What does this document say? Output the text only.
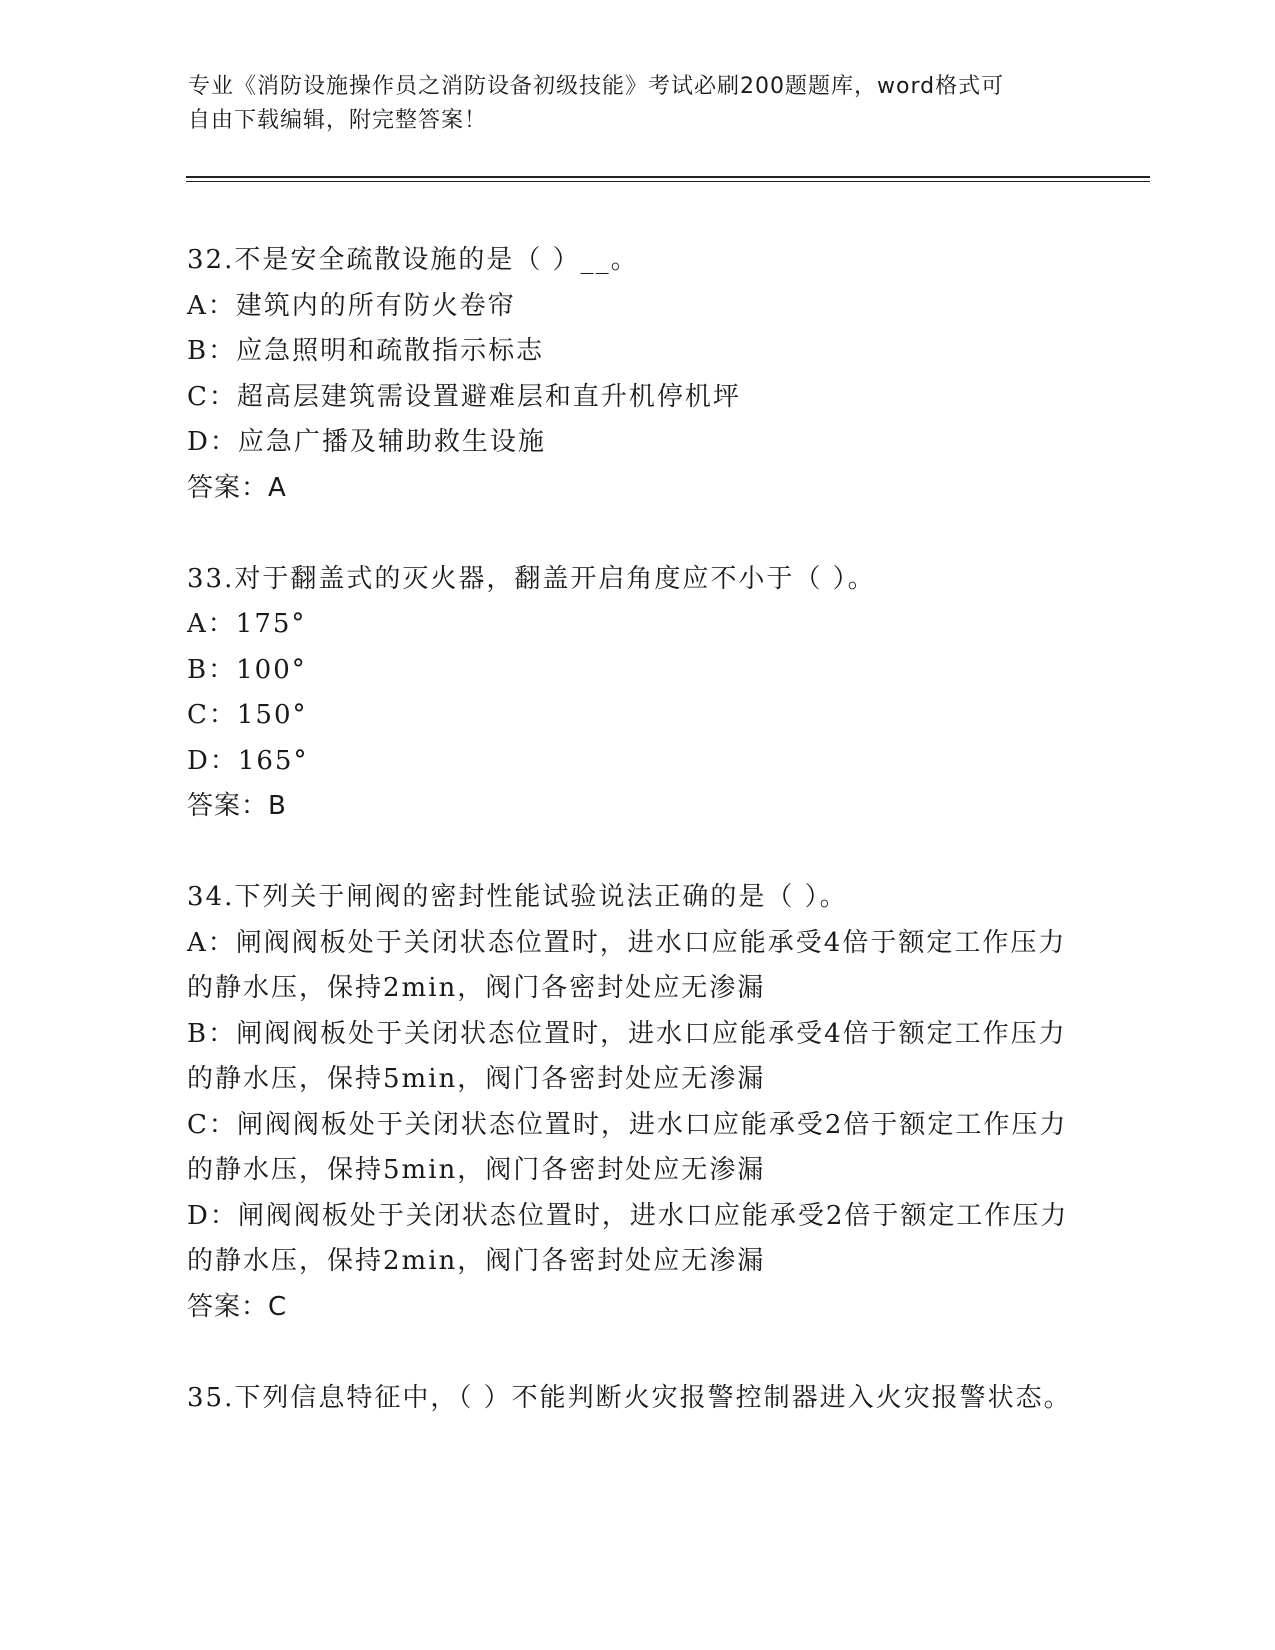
专业《消防设施操作员之消防设备初级技能》考试必刷200题题库，word格式可
自由下载编辑，附完整答案！
32.不是安全疏散设施的是（ ）__。
A：建筑内的所有防火卷帘
B：应急照明和疏散指示标志
C：超高层建筑需设置避难层和直升机停机坪
D：应急广播及辅助救生设施
答案：A
33.对于翻盖式的灭火器，翻盖开启角度应不小于（ ）。
A：175°
B：100°
C：150°
D：165°
答案：B
34.下列关于闸阀的密封性能试验说法正确的是（ ）。
A：闸阀阀板处于关闭状态位置时，进水口应能承受4倍于额定工作压力的静水压，保持2min，阀门各密封处应无渗漏
B：闸阀阀板处于关闭状态位置时，进水口应能承受4倍于额定工作压力的静水压，保持5min，阀门各密封处应无渗漏
C：闸阀阀板处于关闭状态位置时，进水口应能承受2倍于额定工作压力的静水压，保持5min，阀门各密封处应无渗漏
D：闸阀阀板处于关闭状态位置时，进水口应能承受2倍于额定工作压力的静水压，保持2min，阀门各密封处应无渗漏
答案：C
35.下列信息特征中，（ ）不能判断火灾报警控制器进入火灾报警状态。
